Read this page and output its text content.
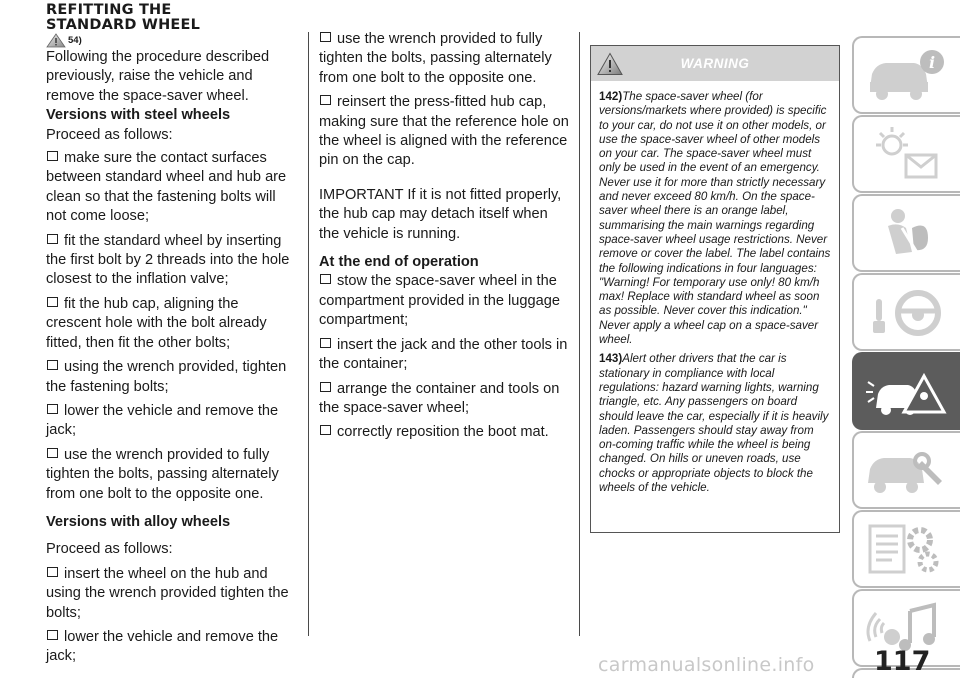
REFITTING THE
STANDARD WHEEL
$^{54)}$

Following the procedure described previously, raise the vehicle and remove the space-saver wheel.

Versions with steel wheels

Proceed as follows:

make sure the contact surfaces between standard wheel and hub are clean so that the fastening bolts will not come loose;
fit the standard wheel by inserting the first bolt by 2 threads into the hole closest to the inflation valve;
fit the hub cap, aligning the crescent hole with the bolt already fitted, then fit the other bolts;
using the wrench provided, tighten the fastening bolts;
lower the vehicle and remove the jack;
use the wrench provided to fully tighten the bolts, passing alternately from one bolt to the opposite one.

Versions with alloy wheels

Proceed as follows:

insert the wheel on the hub and using the wrench provided tighten the bolts;
lower the vehicle and remove the jack;
use the wrench provided to fully tighten the bolts, passing alternately from one bolt to the opposite one.
reinsert the press-fitted hub cap, making sure that the reference hole on the wheel is aligned with the reference pin on the cap.

IMPORTANT If it is not fitted properly, the hub cap may detach itself when the vehicle is running.

At the end of operation

stow the space-saver wheel in the compartment provided in the luggage compartment;
insert the jack and the other tools in the container;
arrange the container and tools on the space-saver wheel;
correctly reposition the boot mat.
WARNING

142)The space-saver wheel (for versions/markets where provided) is specific to your car, do not use it on other models, or use the space-saver wheel of other models on your car. The space-saver wheel must only be used in the event of an emergency. Never use it for more than strictly necessary and never exceed 80 km/h. On the space-saver wheel there is an orange label, summarising the main warnings regarding space-saver wheel usage restrictions. Never remove or cover the label. The label contains the following indications in four languages: "Warning! For temporary use only! 80 km/h max! Replace with standard wheel as soon as possible. Never cover this indication." Never apply a wheel cap on a space-saver wheel.

143)Alert other drivers that the car is stationary in compliance with local regulations: hazard warning lights, warning triangle, etc. Any passengers on board should leave the car, especially if it is heavily laden. Passengers should stay away from on-coming traffic while the wheel is being changed. On hills or uneven roads, use chocks or appropriate objects to block the wheels of the vehicle.

i
carmanualsonline.info 117
